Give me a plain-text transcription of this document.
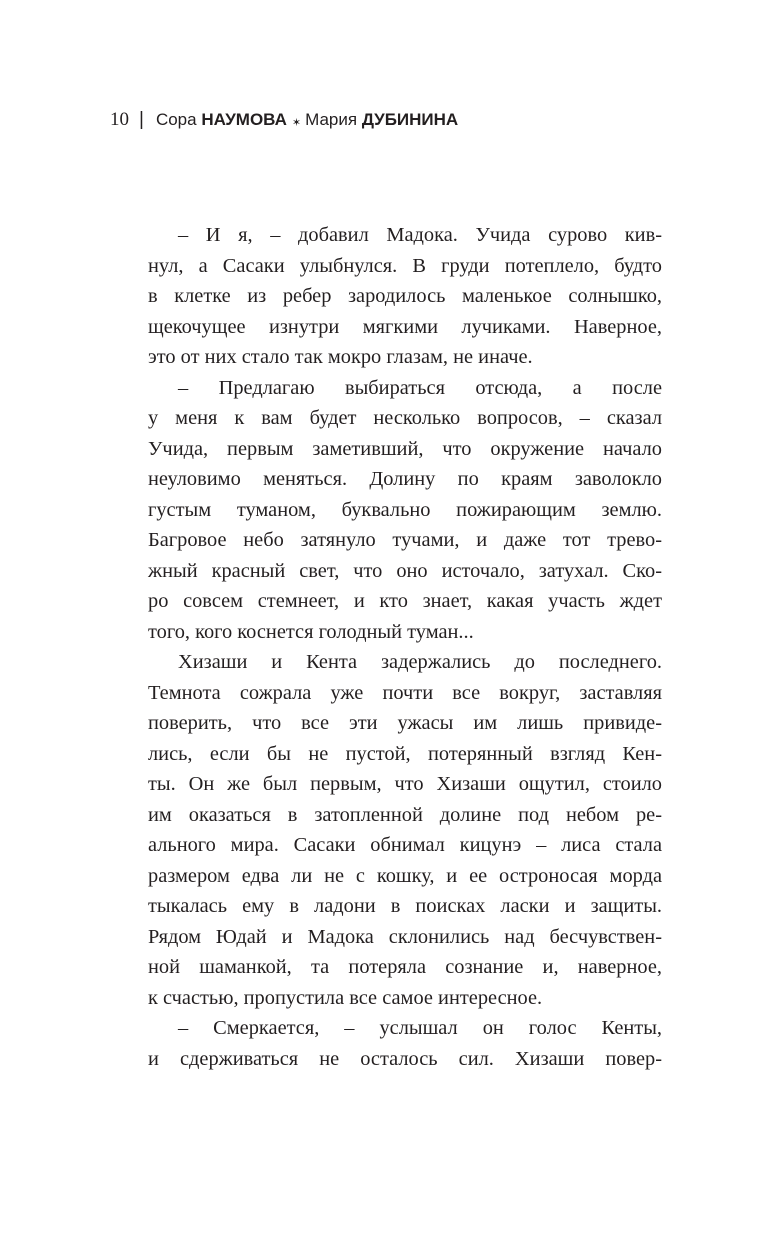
10 | Сора
НАУМОВА ✶ Мария
ДУБИНИНА
– И я, – добавил Мадока. Учида сурово кив-
нул, а Сасаки улыбнулся. В груди потеплело, будто
в клетке из ребер зародилось маленькое солнышко,
щекочущее изнутри мягкими лучиками. Наверное,
это от них стало так мокро глазам, не иначе.
– Предлагаю выбираться отсюда, а после
у меня к вам будет несколько вопросов, – сказал
Учида, первым заметивший, что окружение начало
неуловимо меняться. Долину по краям заволокло
густым туманом, буквально пожирающим землю.
Багровое небо затянуло тучами, и даже тот трево-
жный красный свет, что оно источало, затухал. Ско-
ро совсем стемнеет, и кто знает, какая участь ждет
того, кого коснется голодный туман...
Хизаши и Кента задержались до последнего.
Темнота сожрала уже почти все вокруг, заставляя
поверить, что все эти ужасы им лишь привиде-
лись, если бы не пустой, потерянный взгляд Кен-
ты. Он же был первым, что Хизаши ощутил, стоило
им оказаться в затопленной долине под небом ре-
ального мира. Сасаки обнимал кицунэ – лиса стала
размером едва ли не с кошку, и ее остроносая морда
тыкалась ему в ладони в поисках ласки и защиты.
Рядом Юдай и Мадока склонились над бесчувствен-
ной шаманкой, та потеряла сознание и, наверное,
к счастью, пропустила все самое интересное.
– Смеркается, – услышал он голос Кенты,
и сдерживаться не осталось сил. Хизаши повер-
